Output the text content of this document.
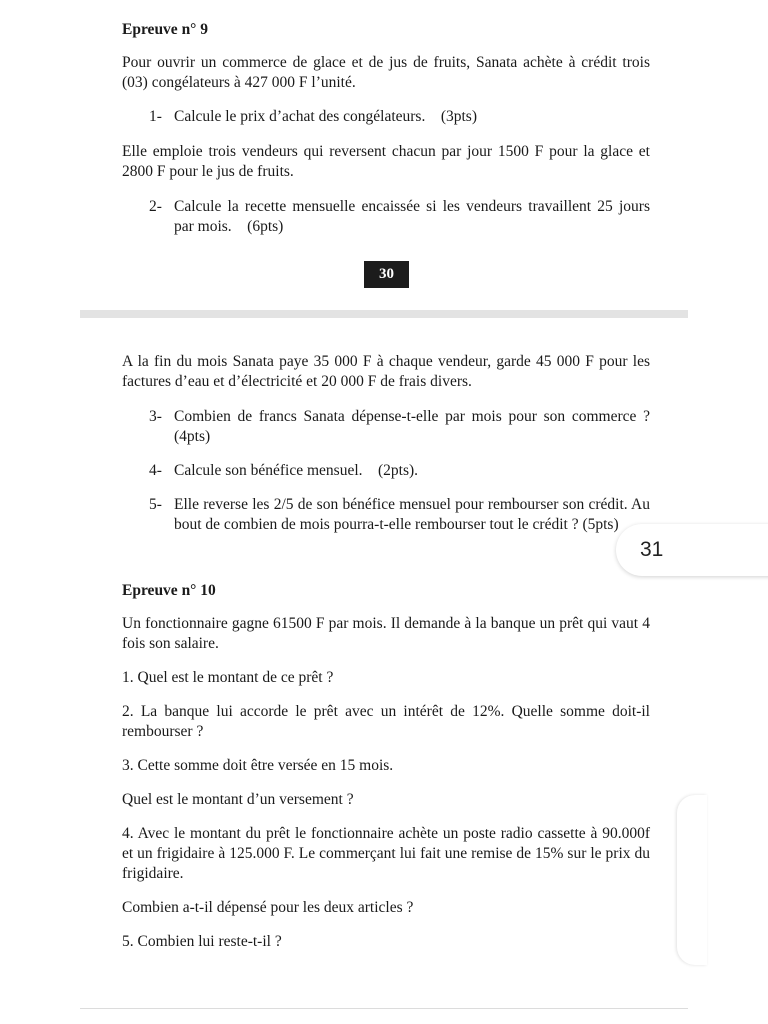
Epreuve n° 9

Pour ouvrir un commerce de glace et de jus de fruits, Sanata achète à crédit trois (03) congélateurs à 427 000 F l’unité.

1- Calcule le prix d’achat des congélateurs.    (3pts)

Elle emploie trois vendeurs qui reversent chacun par jour 1500 F pour la glace et 2800 F pour le jus de fruits.

2- Calcule la recette mensuelle encaissée si les vendeurs travaillent 25 jours par mois.    (6pts)
30

A la fin du mois Sanata paye 35 000 F à chaque vendeur, garde 45 000 F pour les factures d’eau et d’électricité et 20 000 F de frais divers.

3- Combien de francs Sanata dépense-t-elle par mois pour son commerce ? (4pts)
4- Calcule son bénéfice mensuel.    (2pts).
5- Elle reverse les 2/5 de son bénéfice mensuel pour rembourser son crédit. Au bout de combien de mois pourra-t-elle rembourser tout le crédit ? (5pts)
Epreuve n° 10

Un fonctionnaire gagne 61500 F par mois. Il demande à la banque un prêt qui vaut 4 fois son salaire.

1. Quel est le montant de ce prêt ?

2. La banque lui accorde le prêt avec un intérêt de 12%. Quelle somme doit-il rembourser ?

3. Cette somme doit être versée en 15 mois.

Quel est le montant d’un versement ?

4. Avec le montant du prêt le fonctionnaire achète un poste radio cassette à 90.000f et un frigidaire à 125.000 F. Le commerçant lui fait une remise de 15% sur le prix du frigidaire.

Combien a-t-il dépensé pour les deux articles ?

5. Combien lui reste-t-il ?

31
